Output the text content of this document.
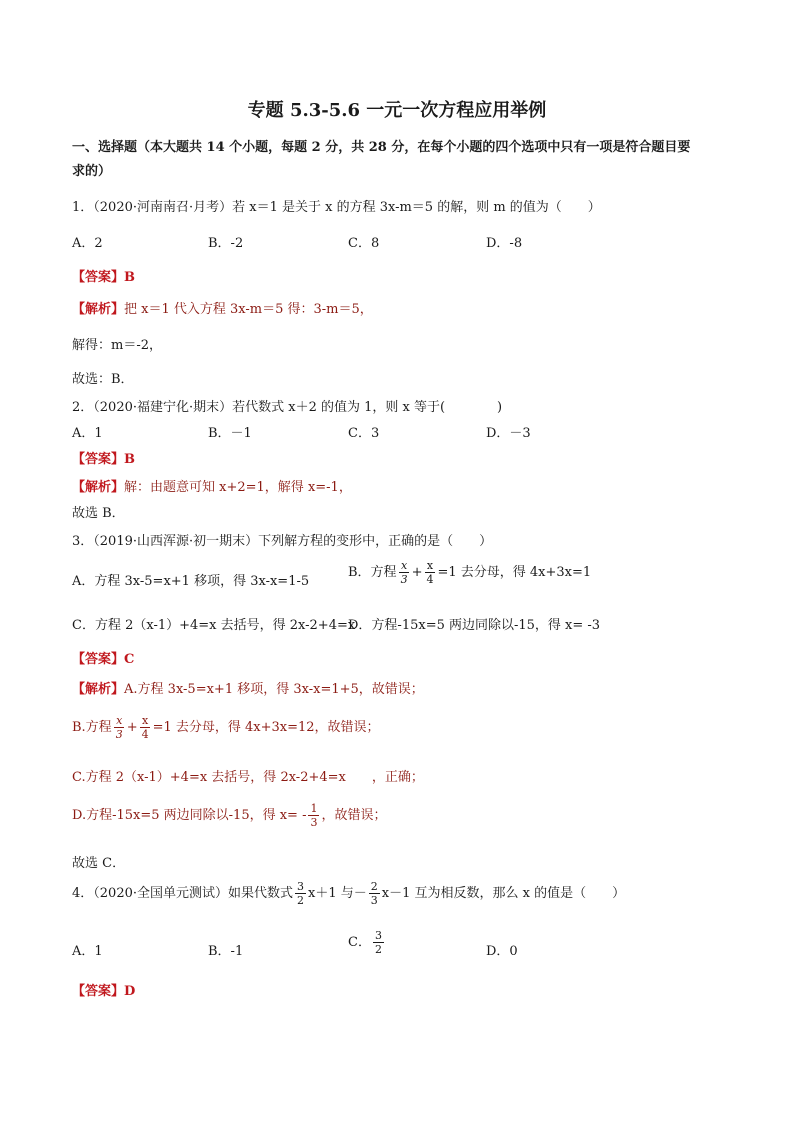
专题 5.3-5.6 一元一次方程应用举例
一、选择题（本大题共 14 个小题，每题 2 分，共 28 分，在每个小题的四个选项中只有一项是符合题目要
求的）
1．（2020·河南南召·月考）若 x＝1 是关于 x 的方程 3x-m＝5 的解，则 m 的值为（　　）
A．2	B．-2	C．8	D．-8
【答案】B
【解析】把 x＝1 代入方程 3x-m＝5 得：3-m＝5，
解得：m＝-2，
故选：B．
2．（2020·福建宁化·期末）若代数式 x＋2 的值为 1，则 x 等于(　　　　)
A．1	B．－1	C．3	D．－3
【答案】B
【解析】解：由题意可知 x+2=1，解得 x=-1，
故选 B．
3．（2019·山西浑源·初一期末）下列解方程的变形中，正确的是（　　）
A．方程 3x-5=x+1 移项，得 3x-x=1-5
B．方程 $\frac{x}{3} + \frac{x}{4} =1$ 去分母，得 4x+3x=1
C．方程 2（x-1）+4=x 去括号，得 2x-2+4=x
D．方程-15x=5 两边同除以-15，得 x= -3
【答案】C
【解析】A.方程 3x-5=x+1 移项，得 3x-x=1+5，故错误；
B.方程 $\frac{x}{3} + \frac{x}{4} =1$ 去分母，得 4x+3x=12，故错误；
C.方程 2（x-1）+4=x 去括号，得 2x-2+4=x　　，正确；
D.方程-15x=5 两边同除以-15，得 $x= - \frac{1}{3}$ ，故错误；
故选 C．
4．（2020·全国单元测试）如果代数式 $\frac{3}{2} x+1$ 与－ $\frac{2}{3} x-1$ 互为相反数，那么 x 的值是（　　）
A．1	B．-1
C． $\frac{3}{2}$	D．0
【答案】D
